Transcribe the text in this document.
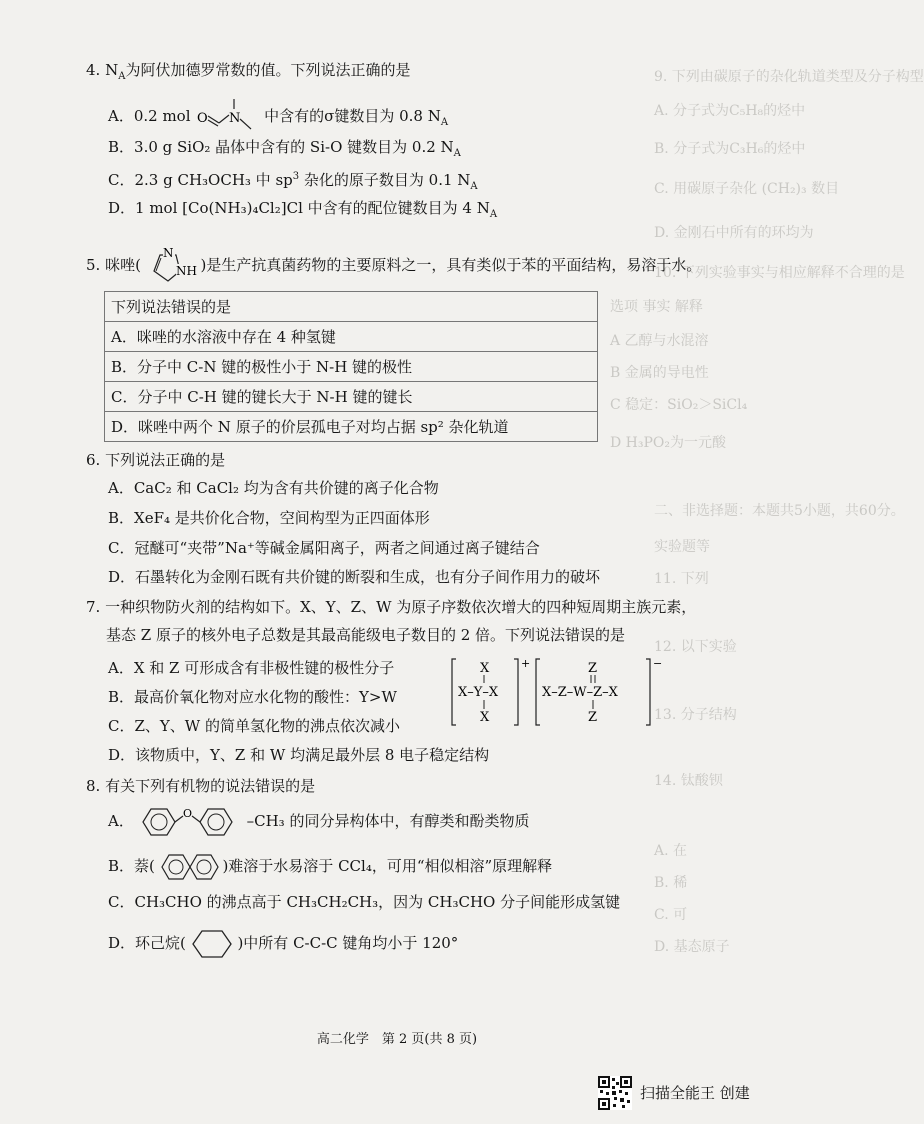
9. 下列由碳原子的杂化轨道类型及分子构型
A. 分子式为C₅H₈的烃中
B. 分子式为C₃H₆的烃中
C. 用碳原子杂化 (CH₂)₃ 数目
D. 金刚石中所有的环均为
10. 下列实验事实与相应解释不合理的是
选项 事实 解释
A 乙醇与水混溶
B 金属的导电性
C 稳定：SiO₂＞SiCl₄
D H₃PO₂为一元酸
二、非选择题：本题共5小题，共60分。
实验题等
11. 下列
12. 以下实验
13. 分子结构
14. 钛酸钡
A. 在
B. 稀
C. 可
D. 基态原子
4. $N_A$为阿伏加德罗常数的值。下列说法正确的是
A．0.2 mol O N 中含有的σ键数目为 0.8 $N_A$
B．3.0 g SiO₂ 晶体中含有的 Si-O 键数目为 0.2 $N_A$
C．2.3 g CH₃OCH₃ 中 $sp^3$ 杂化的原子数目为 0.1 $N_A$
D．1 mol [Co(NH₃)₄Cl₂]Cl 中含有的配位键数目为 4 $N_A$
5. 咪唑(
N
NH )是生产抗真菌药物的主要原料之一，具有类似于苯的平面结构，易溶于水。
下列说法错误的是
A．咪唑的水溶液中存在 4 种氢键
B．分子中 C-N 键的极性小于 N-H 键的极性
C．分子中 C-H 键的键长大于 N-H 键的键长
D．咪唑中两个 N 原子的价层孤电子对均占据 sp² 杂化轨道
6. 下列说法正确的是
A．CaC₂ 和 CaCl₂ 均为含有共价键的离子化合物
B．XeF₄ 是共价化合物，空间构型为正四面体形
C．冠醚可“夹带”Na⁺等碱金属阳离子，两者之间通过离子键结合
D．石墨转化为金刚石既有共价键的断裂和生成，也有分子间作用力的破坏
7. 一种织物防火剂的结构如下。X、Y、Z、W 为原子序数依次增大的四种短周期主族元素，
基态 Z 原子的核外电子总数是其最高能级电子数目的 2 倍。下列说法错误的是
A．X 和 Z 可形成含有非极性键的极性分子
B．最高价氧化物对应水化物的酸性：Y>W
C．Z、Y、W 的简单氢化物的沸点依次减小
D．该物质中，Y、Z 和 W 均满足最外层 8 电子稳定结构
+
X
X–Y–X
X
−
Z
X–Z–W–Z–X
Z
8. 有关下列有机物的说法错误的是
A．	O	–CH₃ 的同分异构体中，有醇类和酚类物质
B．萘(	)难溶于水易溶于 CCl₄，可用“相似相溶”原理解释
C．CH₃CHO 的沸点高于 CH₃CH₂CH₃，因为 CH₃CHO 分子间能形成氢键
D．环己烷(	)中所有 C-C-C 键角均小于 120°
高二化学　第 2 页(共 8 页)
扫描全能王 创建
